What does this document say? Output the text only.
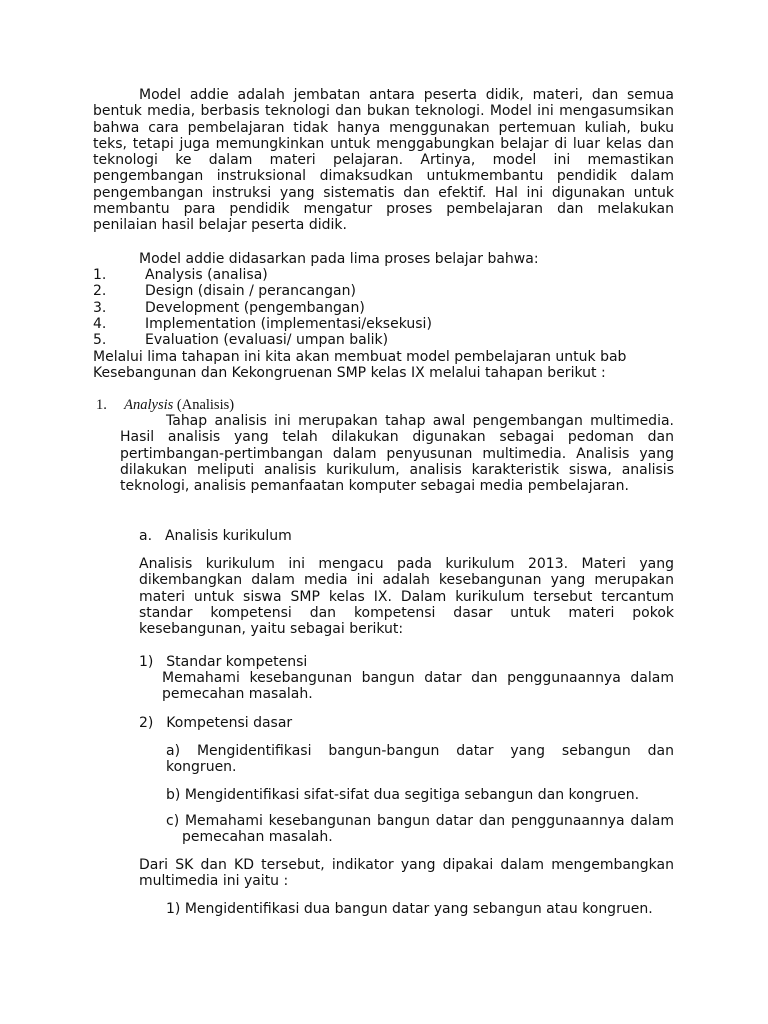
Model addie adalah jembatan antara peserta didik, materi, dan semua bentuk media, berbasis teknologi dan bukan teknologi. Model ini mengasumsikan bahwa cara pembelajaran tidak hanya menggunakan pertemuan kuliah, buku teks, tetapi juga memungkinkan untuk menggabungkan belajar di luar kelas dan teknologi ke dalam materi pelajaran. Artinya, model ini memastikan pengembangan instruksional dimaksudkan untukmembantu pendidik dalam pengembangan instruksi yang sistematis dan efektif. Hal ini digunakan untuk membantu para pendidik mengatur proses pembelajaran dan melakukan penilaian hasil belajar peserta didik.
Model addie didasarkan pada lima proses belajar bahwa:
1.	Analysis (analisa)
2.	Design (disain / perancangan)
3.	Development (pengembangan)
4.	Implementation (implementasi/eksekusi)
5.	Evaluation (evaluasi/ umpan balik)
Melalui lima tahapan ini kita akan membuat model pembelajaran untuk bab Kesebangunan dan Kekongruenan SMP kelas IX melalui tahapan berikut :
1. Analysis (Analisis)
Tahap analisis ini merupakan tahap awal pengembangan multimedia. Hasil analisis yang telah dilakukan digunakan sebagai pedoman dan pertimbangan-pertimbangan dalam penyusunan multimedia. Analisis yang dilakukan meliputi analisis kurikulum, analisis karakteristik siswa, analisis teknologi, analisis pemanfaatan komputer sebagai media pembelajaran.
a. Analisis kurikulum
Analisis kurikulum ini mengacu pada kurikulum 2013. Materi yang dikembangkan dalam media ini adalah kesebangunan yang merupakan materi untuk siswa SMP kelas IX. Dalam kurikulum tersebut tercantum standar kompetensi dan kompetensi dasar untuk materi pokok kesebangunan, yaitu sebagai berikut:
1) Standar kompetensi
Memahami kesebangunan bangun datar dan penggunaannya dalam pemecahan masalah.
2) Kompetensi dasar
a) Mengidentifikasi bangun-bangun datar yang sebangun dan kongruen.
b) Mengidentifikasi sifat-sifat dua segitiga sebangun dan kongruen.
c) Memahami kesebangunan bangun datar dan penggunaannya dalam pemecahan masalah.
Dari SK dan KD tersebut, indikator yang dipakai dalam mengembangkan multimedia ini yaitu :
1) Mengidentifikasi dua bangun datar yang sebangun atau kongruen.
